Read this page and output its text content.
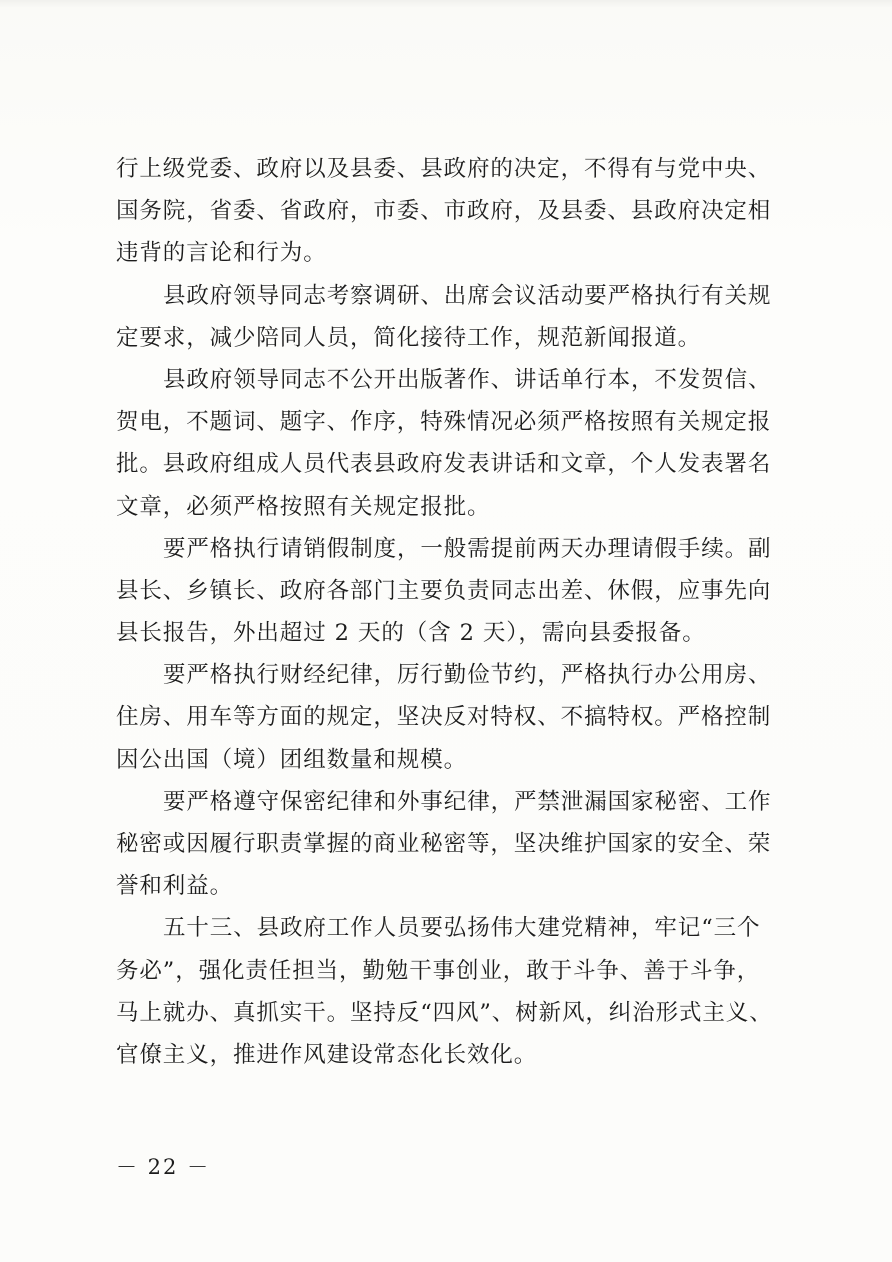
行上级党委、政府以及县委、县政府的决定，不得有与党中央、
国务院，省委、省政府，市委、市政府，及县委、县政府决定相
违背的言论和行为。
县政府领导同志考察调研、出席会议活动要严格执行有关规
定要求，减少陪同人员，简化接待工作，规范新闻报道。
县政府领导同志不公开出版著作、讲话单行本，不发贺信、
贺电，不题词、题字、作序，特殊情况必须严格按照有关规定报
批。县政府组成人员代表县政府发表讲话和文章，个人发表署名
文章，必须严格按照有关规定报批。
要严格执行请销假制度，一般需提前两天办理请假手续。副
县长、乡镇长、政府各部门主要负责同志出差、休假，应事先向
县长报告，外出超过 2 天的（含 2 天），需向县委报备。
要严格执行财经纪律，厉行勤俭节约，严格执行办公用房、
住房、用车等方面的规定，坚决反对特权、不搞特权。严格控制
因公出国（境）团组数量和规模。
要严格遵守保密纪律和外事纪律，严禁泄漏国家秘密、工作
秘密或因履行职责掌握的商业秘密等，坚决维护国家的安全、荣
誉和利益。
五十三、县政府工作人员要弘扬伟大建党精神，牢记“三个
务必”，强化责任担当，勤勉干事创业，敢于斗争、善于斗争，
马上就办、真抓实干。坚持反“四风”、树新风，纠治形式主义、
官僚主义，推进作风建设常态化长效化。
－ 22 －
